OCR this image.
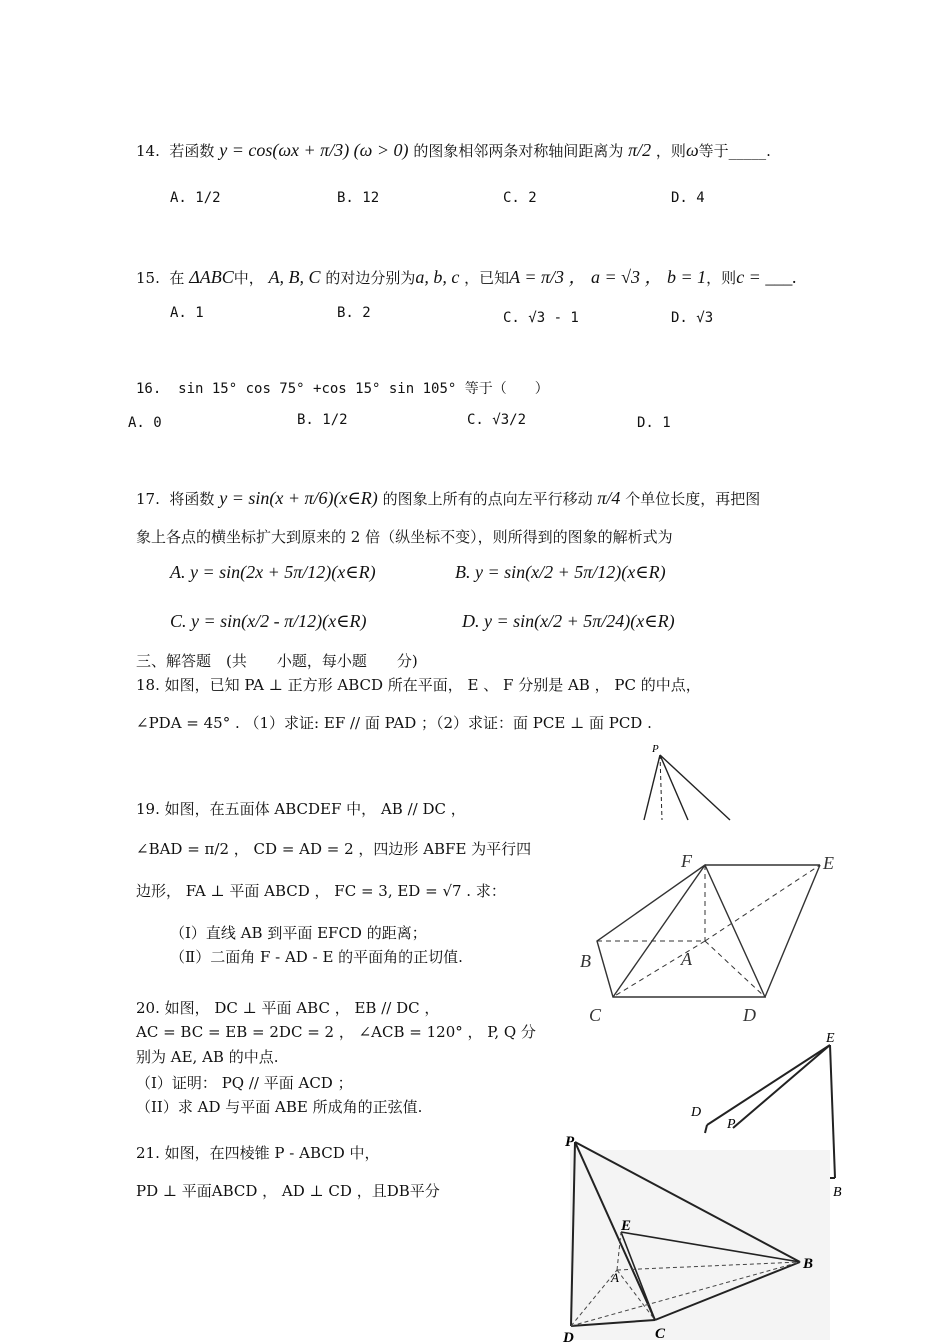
14. 若函数 y = cos(ωx + π/3) (ω > 0) 的图象相邻两条对称轴间距离为 π/2 ，则ω等于_____.
A. 1/2	B. 12	C. 2	D. 4
15. 在 ΔABC中， A, B, C 的对边分别为a, b, c ，已知A = π/3 ， a = √3 ， b = 1，则c = ___.
A. 1	B. 2	C. √3 - 1	D. √3
16. sin 15° cos 75° +cos 15° sin 105° 等于（　　）
A. 0	B. 1/2	C. √3/2	D. 1
17. 将函数 y = sin(x + π/6)(x∈R) 的图象上所有的点向左平行移动 π/4 个单位长度，再把图
象上各点的横坐标扩大到原来的 2 倍（纵坐标不变），则所得到的图象的解析式为
A. y = sin(2x + 5π/12)(x∈R)	B. y = sin(x/2 + 5π/12)(x∈R)
C. y = sin(x/2 - π/12)(x∈R)	D. y = sin(x/2 + 5π/24)(x∈R)
三、解答题　(共　　小题，每小题　　分)
18. 如图，已知 PA ⊥ 正方形 ABCD 所在平面， E 、 F 分别是 AB ， PC 的中点，
∠PDA = 45° . （1）求证: EF // 面 PAD ；（2）求证：面 PCE ⊥ 面 PCD .
P
19. 如图，在五面体 ABCDEF 中， AB // DC ，
∠BAD = π/2 ， CD = AD = 2 ，四边形 ABFE 为平行四
边形， FA ⊥ 平面 ABCD ， FC = 3, ED = √7 . 求：
（Ⅰ）直线 AB 到平面 EFCD 的距离；
（Ⅱ）二面角 F - AD - E 的平面角的正切值.
F	E
B	A
C	D
20. 如图， DC ⊥ 平面 ABC ， EB // DC ，
AC = BC = EB = 2DC = 2 ， ∠ACB = 120° ， P, Q 分
别为 AE, AB 的中点.
（I）证明： PQ // 平面 ACD ；
（II）求 AD 与平面 ABE 所成角的正弦值.
E
D
P
B
21. 如图，在四棱锥 P - ABCD 中，
PD ⊥ 平面ABCD ， AD ⊥ CD ，且DB平分
P
E
B
A
D	C
